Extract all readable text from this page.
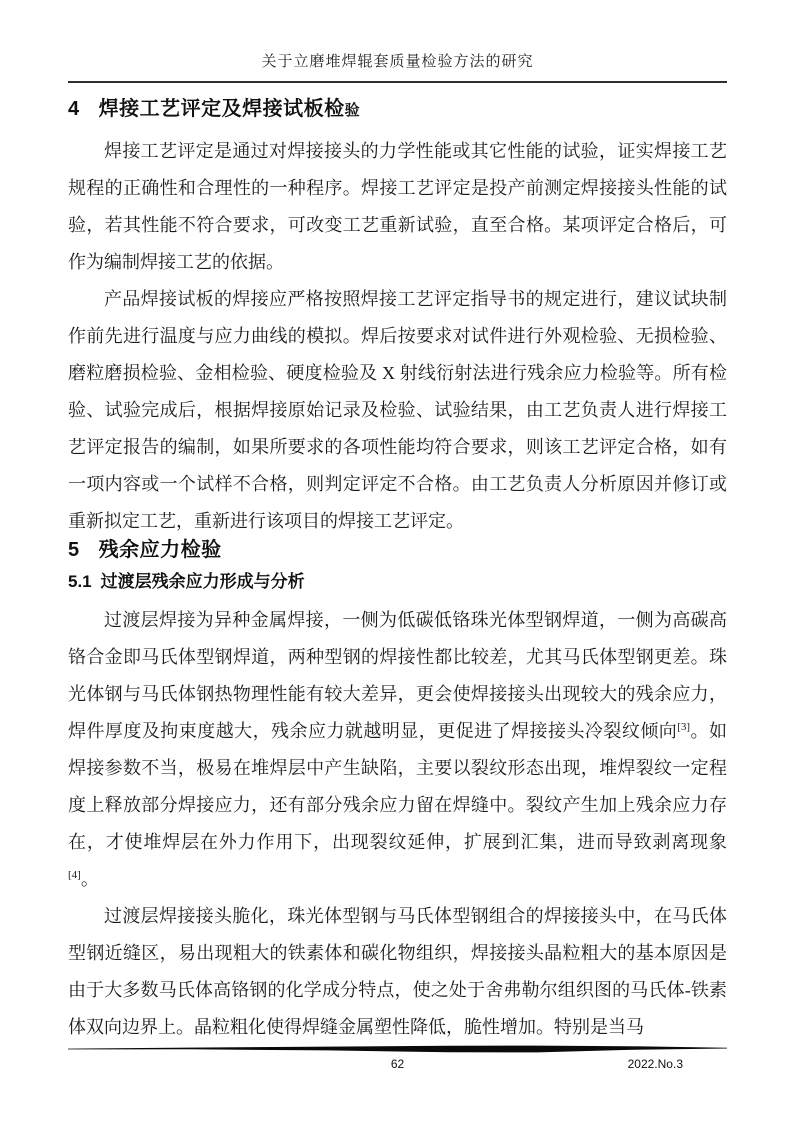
关于立磨堆焊辊套质量检验方法的研究
4 焊接工艺评定及焊接试板检验

焊接工艺评定是通过对焊接接头的力学性能或其它性能的试验，证实焊接工艺规程的正确性和合理性的一种程序。焊接工艺评定是投产前测定焊接接头性能的试验，若其性能不符合要求，可改变工艺重新试验，直至合格。某项评定合格后，可作为编制焊接工艺的依据。

产品焊接试板的焊接应严格按照焊接工艺评定指导书的规定进行，建议试块制作前先进行温度与应力曲线的模拟。焊后按要求对试件进行外观检验、无损检验、磨粒磨损检验、金相检验、硬度检验及 X 射线衍射法进行残余应力检验等。所有检验、试验完成后，根据焊接原始记录及检验、试验结果，由工艺负责人进行焊接工艺评定报告的编制，如果所要求的各项性能均符合要求，则该工艺评定合格，如有一项内容或一个试样不合格，则判定评定不合格。由工艺负责人分析原因并修订或重新拟定工艺，重新进行该项目的焊接工艺评定。

5 残余应力检验
5.1 过渡层残余应力形成与分析

过渡层焊接为异种金属焊接，一侧为低碳低铬珠光体型钢焊道，一侧为高碳高铬合金即马氏体型钢焊道，两种型钢的焊接性都比较差，尤其马氏体型钢更差。珠光体钢与马氏体钢热物理性能有较大差异，更会使焊接接头出现较大的残余应力，焊件厚度及拘束度越大，残余应力就越明显，更促进了焊接接头冷裂纹倾向[3]。如焊接参数不当，极易在堆焊层中产生缺陷，主要以裂纹形态出现，堆焊裂纹一定程度上释放部分焊接应力，还有部分残余应力留在焊缝中。裂纹产生加上残余应力存在，才使堆焊层在外力作用下，出现裂纹延伸，扩展到汇集，进而导致剥离现象[4]。

过渡层焊接接头脆化，珠光体型钢与马氏体型钢组合的焊接接头中，在马氏体型钢近缝区，易出现粗大的铁素体和碳化物组织，焊接接头晶粒粗大的基本原因是由于大多数马氏体高铬钢的化学成分特点，使之处于舍弗勒尔组织图的马氏体-铁素体双向边界上。晶粒粗化使得焊缝金属塑性降低，脆性增加。特别是当马

62	2022.No.3
